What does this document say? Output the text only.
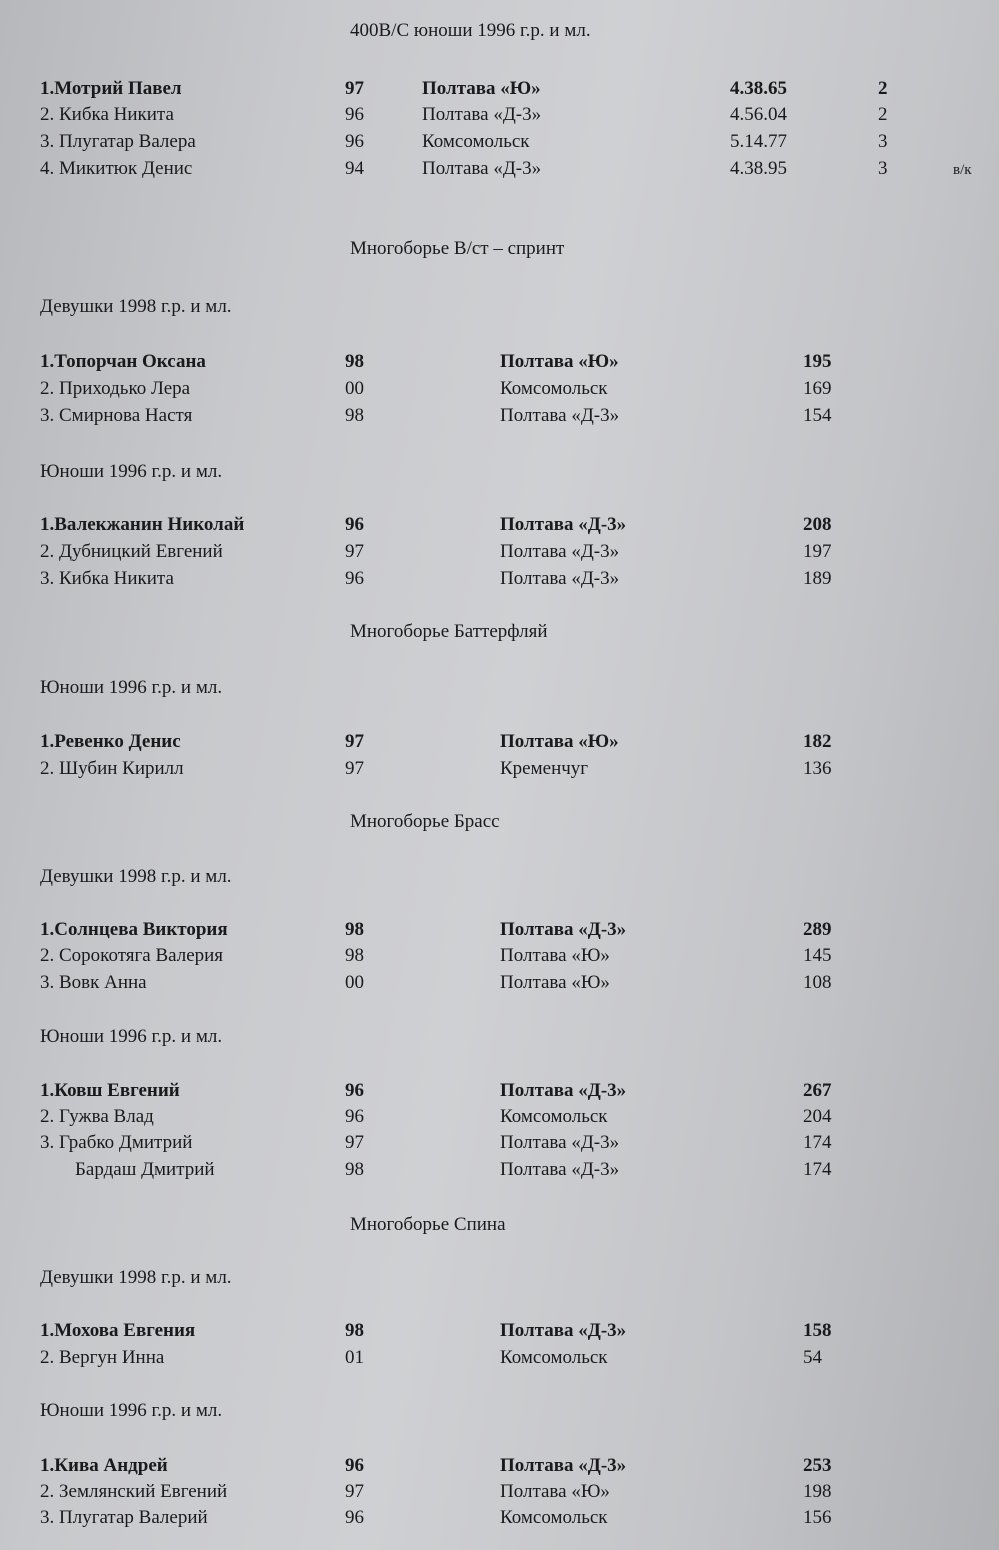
400В/С юноши 1996 г.р. и мл.
1.Мотрий Павел	97	Полтава «Ю»	4.38.65	2
2. Кибка Никита	96	Полтава «Д-3»	4.56.04	2
3. Плугатар Валера	96	Комсомольск	5.14.77	3
4. Микитюк Денис	94	Полтава «Д-3»	4.38.95	3	в/к
Многоборье В/ст – спринт
Девушки 1998 г.р. и мл.
1.Топорчан Оксана	98	Полтава «Ю»	195
2. Приходько Лера	00	Комсомольск	169
3. Смирнова Настя	98	Полтава «Д-3»	154
Юноши 1996 г.р. и мл.
1.Валекжанин Николай	96	Полтава «Д-3»	208
2. Дубницкий Евгений	97	Полтава «Д-3»	197
3. Кибка Никита	96	Полтава «Д-3»	189
Многоборье Баттерфляй
Юноши 1996 г.р. и мл.
1.Ревенко Денис	97	Полтава «Ю»	182
2. Шубин Кирилл	97	Кременчуг	136
Многоборье Брасс
Девушки 1998 г.р. и мл.
1.Солнцева Виктория	98	Полтава «Д-3»	289
2. Сорокотяга Валерия	98	Полтава «Ю»	145
3. Вовк Анна	00	Полтава «Ю»	108
Юноши 1996 г.р. и мл.
1.Ковш Евгений	96	Полтава «Д-3»	267
2. Гужва Влад	96	Комсомольск	204
3. Грабко Дмитрий	97	Полтава «Д-3»	174
Бардаш Дмитрий	98	Полтава «Д-3»	174
Многоборье Спина
Девушки 1998 г.р. и мл.
1.Мохова Евгения	98	Полтава «Д-3»	158
2. Вергун Инна	01	Комсомольск	54
Юноши 1996 г.р. и мл.
1.Кива Андрей	96	Полтава «Д-3»	253
2. Землянский Евгений	97	Полтава «Ю»	198
3. Плугатар Валерий	96	Комсомольск	156
